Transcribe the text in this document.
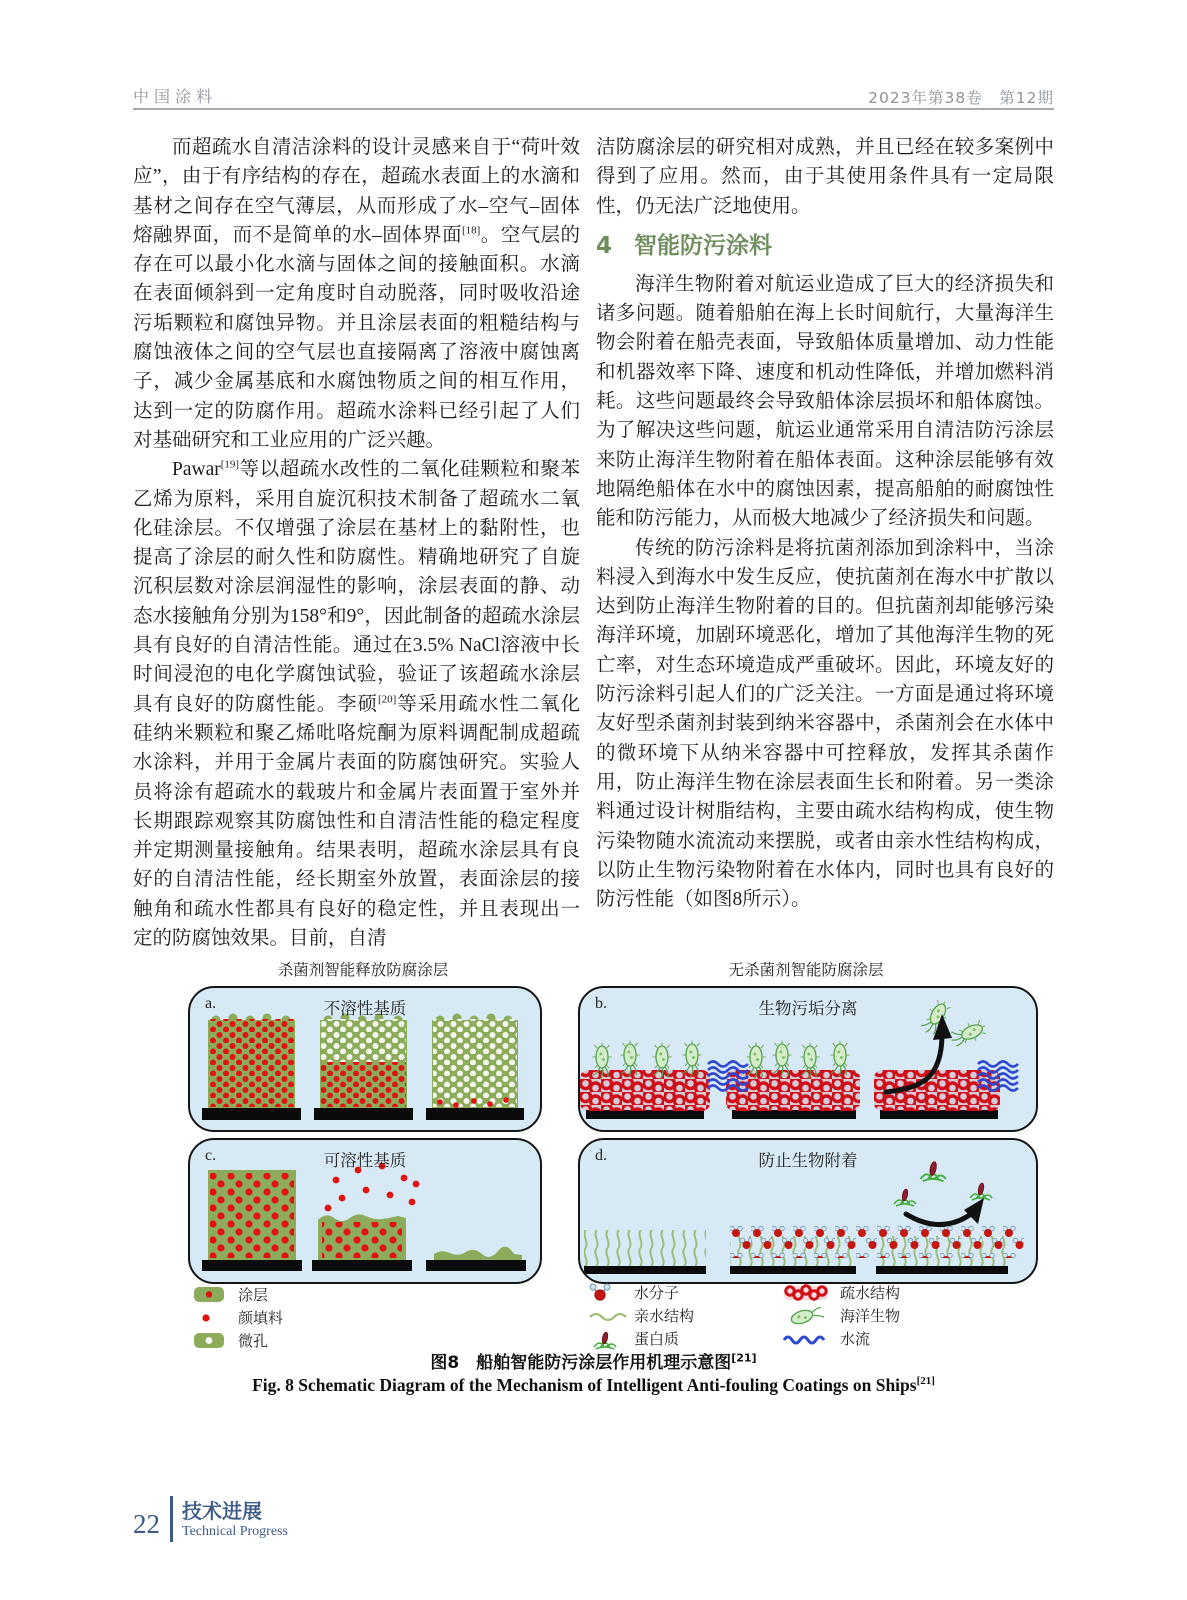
中国涂料	2023年第38卷　第12期

而超疏水自清洁涂料的设计灵感来自于“荷叶效应”，由于有序结构的存在，超疏水表面上的水滴和基材之间存在空气薄层，从而形成了水–空气–固体熔融界面，而不是简单的水–固体界面[18]。空气层的存在可以最小化水滴与固体之间的接触面积。水滴在表面倾斜到一定角度时自动脱落，同时吸收沿途污垢颗粒和腐蚀异物。并且涂层表面的粗糙结构与腐蚀液体之间的空气层也直接隔离了溶液中腐蚀离子，减少金属基底和水腐蚀物质之间的相互作用，达到一定的防腐作用。超疏水涂料已经引起了人们对基础研究和工业应用的广泛兴趣。

Pawar[19]等以超疏水改性的二氧化硅颗粒和聚苯乙烯为原料，采用自旋沉积技术制备了超疏水二氧化硅涂层。不仅增强了涂层在基材上的黏附性，也提高了涂层的耐久性和防腐性。精确地研究了自旋沉积层数对涂层润湿性的影响，涂层表面的静、动态水接触角分别为158°和9°，因此制备的超疏水涂层具有良好的自清洁性能。通过在3.5% NaCl溶液中长时间浸泡的电化学腐蚀试验，验证了该超疏水涂层具有良好的防腐性能。李硕[20]等采用疏水性二氧化硅纳米颗粒和聚乙烯吡咯烷酮为原料调配制成超疏水涂料，并用于金属片表面的防腐蚀研究。实验人员将涂有超疏水的载玻片和金属片表面置于室外并长期跟踪观察其防腐蚀性和自清洁性能的稳定程度并定期测量接触角。结果表明，超疏水涂层具有良好的自清洁性能，经长期室外放置，表面涂层的接触角和疏水性都具有良好的稳定性，并且表现出一定的防腐蚀效果。目前，自清

洁防腐涂层的研究相对成熟，并且已经在较多案例中得到了应用。然而，由于其使用条件具有一定局限性，仍无法广泛地使用。

4 智能防污涂料

海洋生物附着对航运业造成了巨大的经济损失和诸多问题。随着船舶在海上长时间航行，大量海洋生物会附着在船壳表面，导致船体质量增加、动力性能和机器效率下降、速度和机动性降低，并增加燃料消耗。这些问题最终会导致船体涂层损坏和船体腐蚀。为了解决这些问题，航运业通常采用自清洁防污涂层来防止海洋生物附着在船体表面。这种涂层能够有效地隔绝船体在水中的腐蚀因素，提高船舶的耐腐蚀性能和防污能力，从而极大地减少了经济损失和问题。

传统的防污涂料是将抗菌剂添加到涂料中，当涂料浸入到海水中发生反应，使抗菌剂在海水中扩散以达到防止海洋生物附着的目的。但抗菌剂却能够污染海洋环境，加剧环境恶化，增加了其他海洋生物的死亡率，对生态环境造成严重破坏。因此，环境友好的防污涂料引起人们的广泛关注。一方面是通过将环境友好型杀菌剂封装到纳米容器中，杀菌剂会在水体中的微环境下从纳米容器中可控释放，发挥其杀菌作用，防止海洋生物在涂层表面生长和附着。另一类涂料通过设计树脂结构，主要由疏水结构构成，使生物污染物随水流流动来摆脱，或者由亲水性结构构成，以防止生物污染物附着在水体内，同时也具有良好的防污性能（如图8所示）。

杀菌剂智能释放防腐涂层	无杀菌剂智能防腐涂层
a.	不溶性基质	b.	生物污垢分离
c.	可溶性基质	d.	防止生物附着
涂层
颜填料
微孔
水分子
亲水结构
蛋白质
疏水结构
海洋生物
水流
图8　船舶智能防污涂层作用机理示意图[21]
Fig. 8 Schematic Diagram of the Mechanism of Intelligent Anti-fouling Coatings on Ships[21]
22 技术进展
Technical Progress
